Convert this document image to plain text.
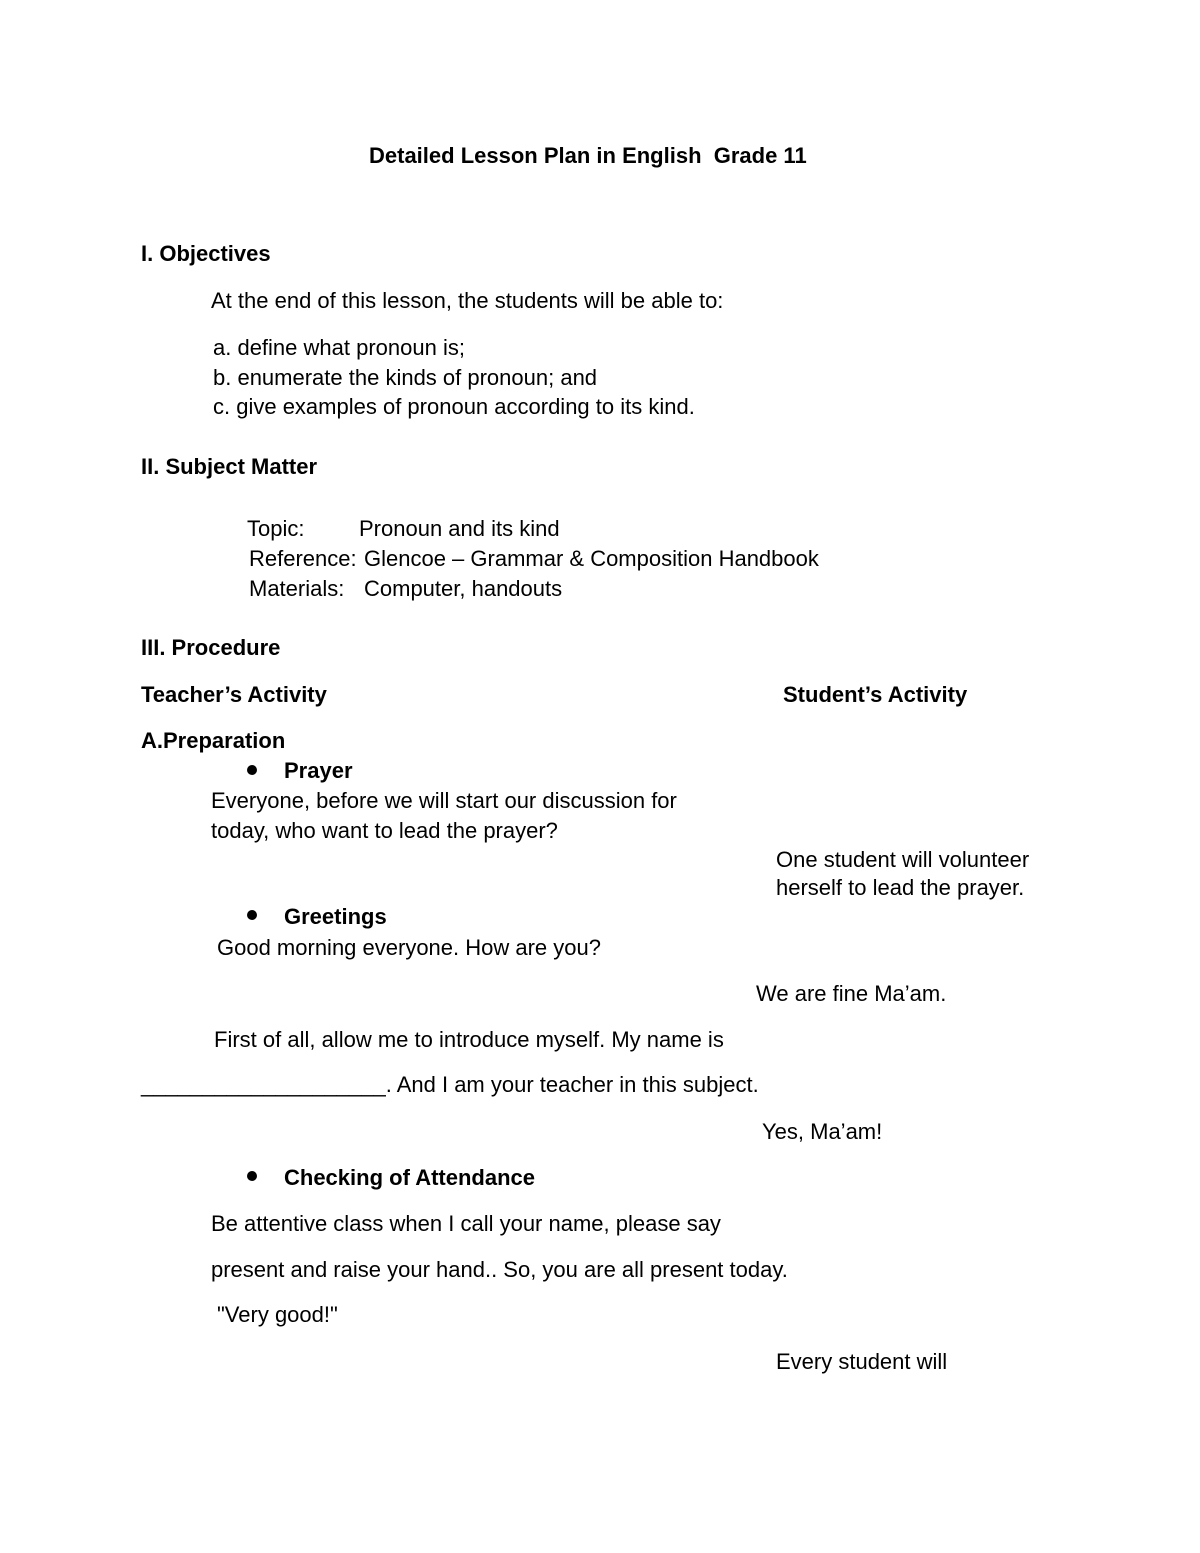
Detailed Lesson Plan in English  Grade 11
I. Objectives
At the end of this lesson, the students will be able to:
a. define what pronoun is;
b. enumerate the kinds of pronoun; and
c. give examples of pronoun according to its kind.
II. Subject Matter
Topic: Pronoun and its kind
Reference: Glencoe – Grammar & Composition Handbook
Materials: Computer, handouts
III. Procedure
Teacher’s Activity	Student’s Activity
A.Preparation
Prayer
Everyone, before we will start our discussion for
today, who want to lead the prayer?
One student will volunteer
herself to lead the prayer.
Greetings
Good morning everyone. How are you?
We are fine Ma’am.
First of all, allow me to introduce myself. My name is
____________________. And I am your teacher in this subject.
Yes, Ma’am!
Checking of Attendance
Be attentive class when I call your name, please say
present and raise your hand.. So, you are all present today.
"Very good!"
Every student will
